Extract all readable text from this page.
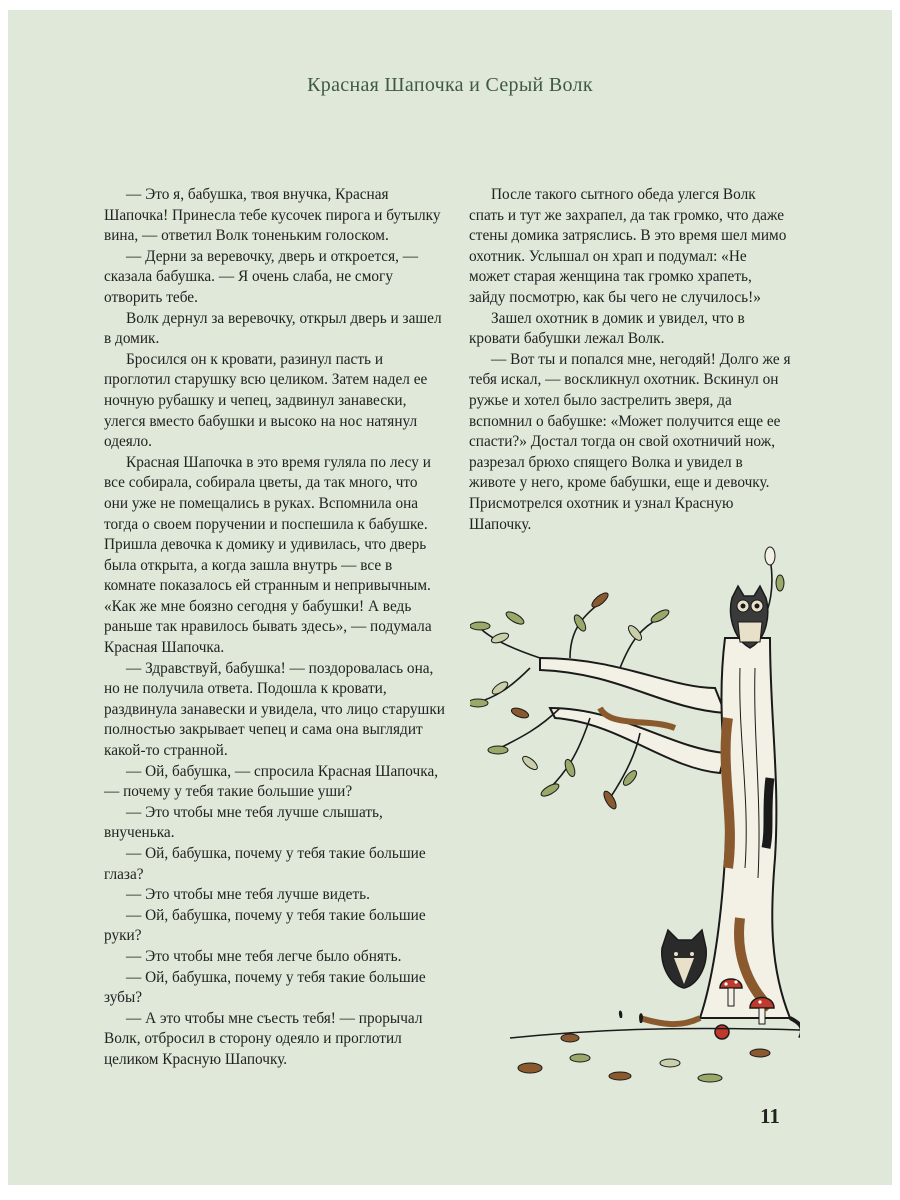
Красная Шапочка и Серый Волк

— Это я, бабушка, твоя внучка, Красная Шапочка! Принесла тебе кусочек пирога и бутылку вина, — ответил Волк тоненьким голоском.

— Дерни за веревочку, дверь и откроется, — сказала бабушка. — Я очень слаба, не смогу отворить тебе.

Волк дернул за веревочку, открыл дверь и зашел в домик.

Бросился он к кровати, разинул пасть и проглотил старушку всю целиком. Затем надел ее ночную рубашку и чепец, задвинул занавески, улегся вместо бабушки и высоко на нос натянул одеяло.

Красная Шапочка в это время гуляла по лесу и все собирала, собирала цветы, да так много, что они уже не помещались в руках. Вспомнила она тогда о своем поручении и поспешила к бабушке. Пришла девочка к домику и удивилась, что дверь была открыта, а когда зашла внутрь — все в комнате показалось ей странным и непривычным. «Как же мне боязно сегодня у бабушки! А ведь раньше так нравилось бывать здесь», — подумала Красная Шапочка.

— Здравствуй, бабушка! — поздоровалась она, но не получила ответа. Подошла к кровати, раздвинула занавески и увидела, что лицо старушки полностью закрывает чепец и сама она выглядит какой-то странной.

— Ой, бабушка, — спросила Красная Шапочка, — почему у тебя такие большие уши?

— Это чтобы мне тебя лучше слышать, внученька.

— Ой, бабушка, почему у тебя такие большие глаза?

— Это чтобы мне тебя лучше видеть.

— Ой, бабушка, почему у тебя такие большие руки?

— Это чтобы мне тебя легче было обнять.

— Ой, бабушка, почему у тебя такие большие зубы?

— А это чтобы мне съесть тебя! — прорычал Волк, отбросил в сторону одеяло и проглотил целиком Красную Шапочку.

После такого сытного обеда улегся Волк спать и тут же захрапел, да так громко, что даже стены домика затряслись. В это время шел мимо охотник. Услышал он храп и подумал: «Не может старая женщина так громко храпеть, зайду посмотрю, как бы чего не случилось!»

Зашел охотник в домик и увидел, что в кровати бабушки лежал Волк.

— Вот ты и попался мне, негодяй! Долго же я тебя искал, — воскликнул охотник. Вскинул он ружье и хотел было застрелить зверя, да вспомнил о бабушке: «Может получится еще ее спасти?» Достал тогда он свой охотничий нож, разрезал брюхо спящего Волка и увидел в животе у него, кроме бабушки, еще и девочку. Присмотрелся охотник и узнал Красную Шапочку.

11
